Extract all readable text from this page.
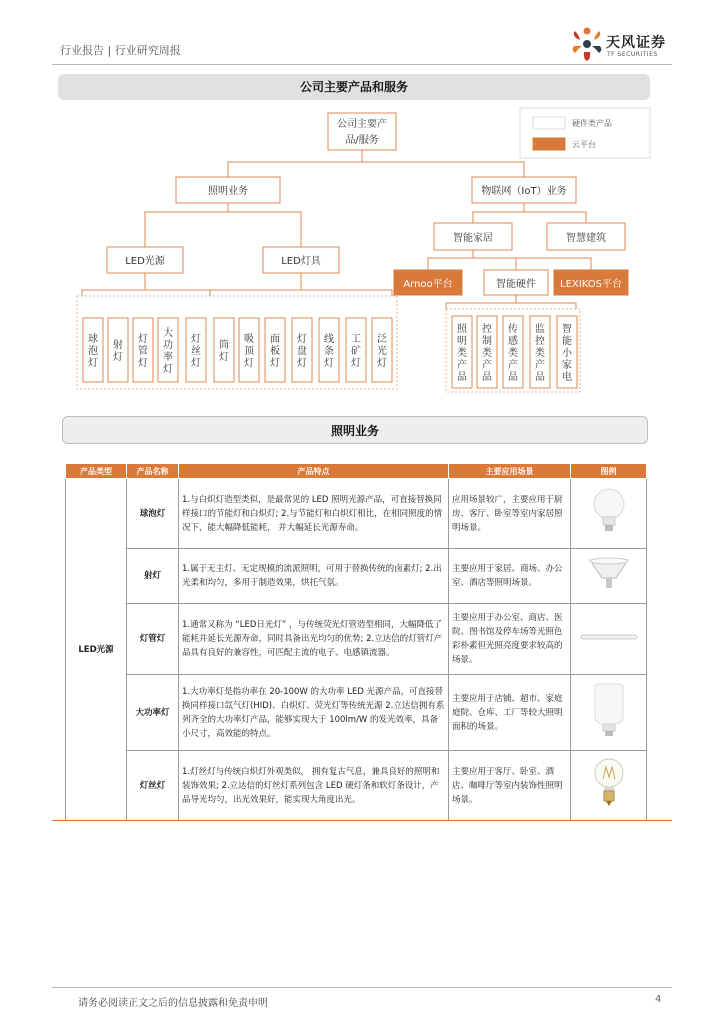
行业报告 | 行业研究周报	天风证券
TF SECURITIES
公司主要产品和服务
硬件类产品
云平台
公司主要产
品/服务
照明业务	物联网（IoT）业务
LED光源	LED灯具
智能家居	智慧建筑
Arnoo平台	智能硬件 LEXIKOS平台
球泡灯
射灯
灯管灯
大功率灯
灯丝灯
筒灯
吸顶灯
面板灯
灯盘灯
线条灯
工矿灯
泛光灯
照明类产品
控制类产品
传感类产品
监控类产品
智能小家电
照明业务
产品类型	产品名称	产品特点	主要应用场景	图例
LED光源	球泡灯	1.与白炽灯造型类似，是最常见的 LED 照明光源产品，可直接替换同样接口的节能灯和白炽灯; 2.与节能灯和白炽灯相比，在相同照度的情况下，能大幅降低能耗， 并大幅延长光源寿命。	应用场景较广，主要应用于厨房、客厅、卧室等室内家居照明场景。	
	射灯	1.属于无主灯、无定规模的流派照明，可用于替换传统的卤素灯; 2.出光柔和均匀，多用于制造效果，烘托气氛。	主要应用于家居、商场、办公室、酒店等照明场景。	
	灯管灯	1.通常又称为 “LED日光灯” ，与传统荧光灯管造型相同，大幅降低了能耗并延长光源寿命，同时具备出光均匀的优势; 2.立达信的灯管灯产品具有良好的兼容性，可匹配主流的电子、电感镇流器。	主要应用于办公室、商店、医院、图书馆及停车场等光照色彩朴素但光照亮度要求较高的场景。	
	大功率灯	1.大功率灯是指功率在 20-100W 的大功率 LED 光源产品，可直接替换同样接口氙气灯(HID)、白炽灯、荧光灯等传统光源 2.立达信拥有系列齐全的大功率灯产品，能够实现大于 100lm/W 的发光效率，具备小尺寸，高效能的特点。	主要应用于店铺、超市、家庭庭院、仓库、工厂等较大照明面积的场景。	
	灯丝灯	1.灯丝灯与传统白炽灯外观类似， 拥有复古气息，兼具良好的照明和装饰效果; 2.立达信的灯丝灯系列包含 LED 硬灯条和软灯条设计，产品导光均匀，出光效果好，能实现大角度出光。	主要应用于客厅、卧室、酒店、咖啡厅等室内装饰性照明场景。	
请务必阅读正文之后的信息披露和免责申明	4
